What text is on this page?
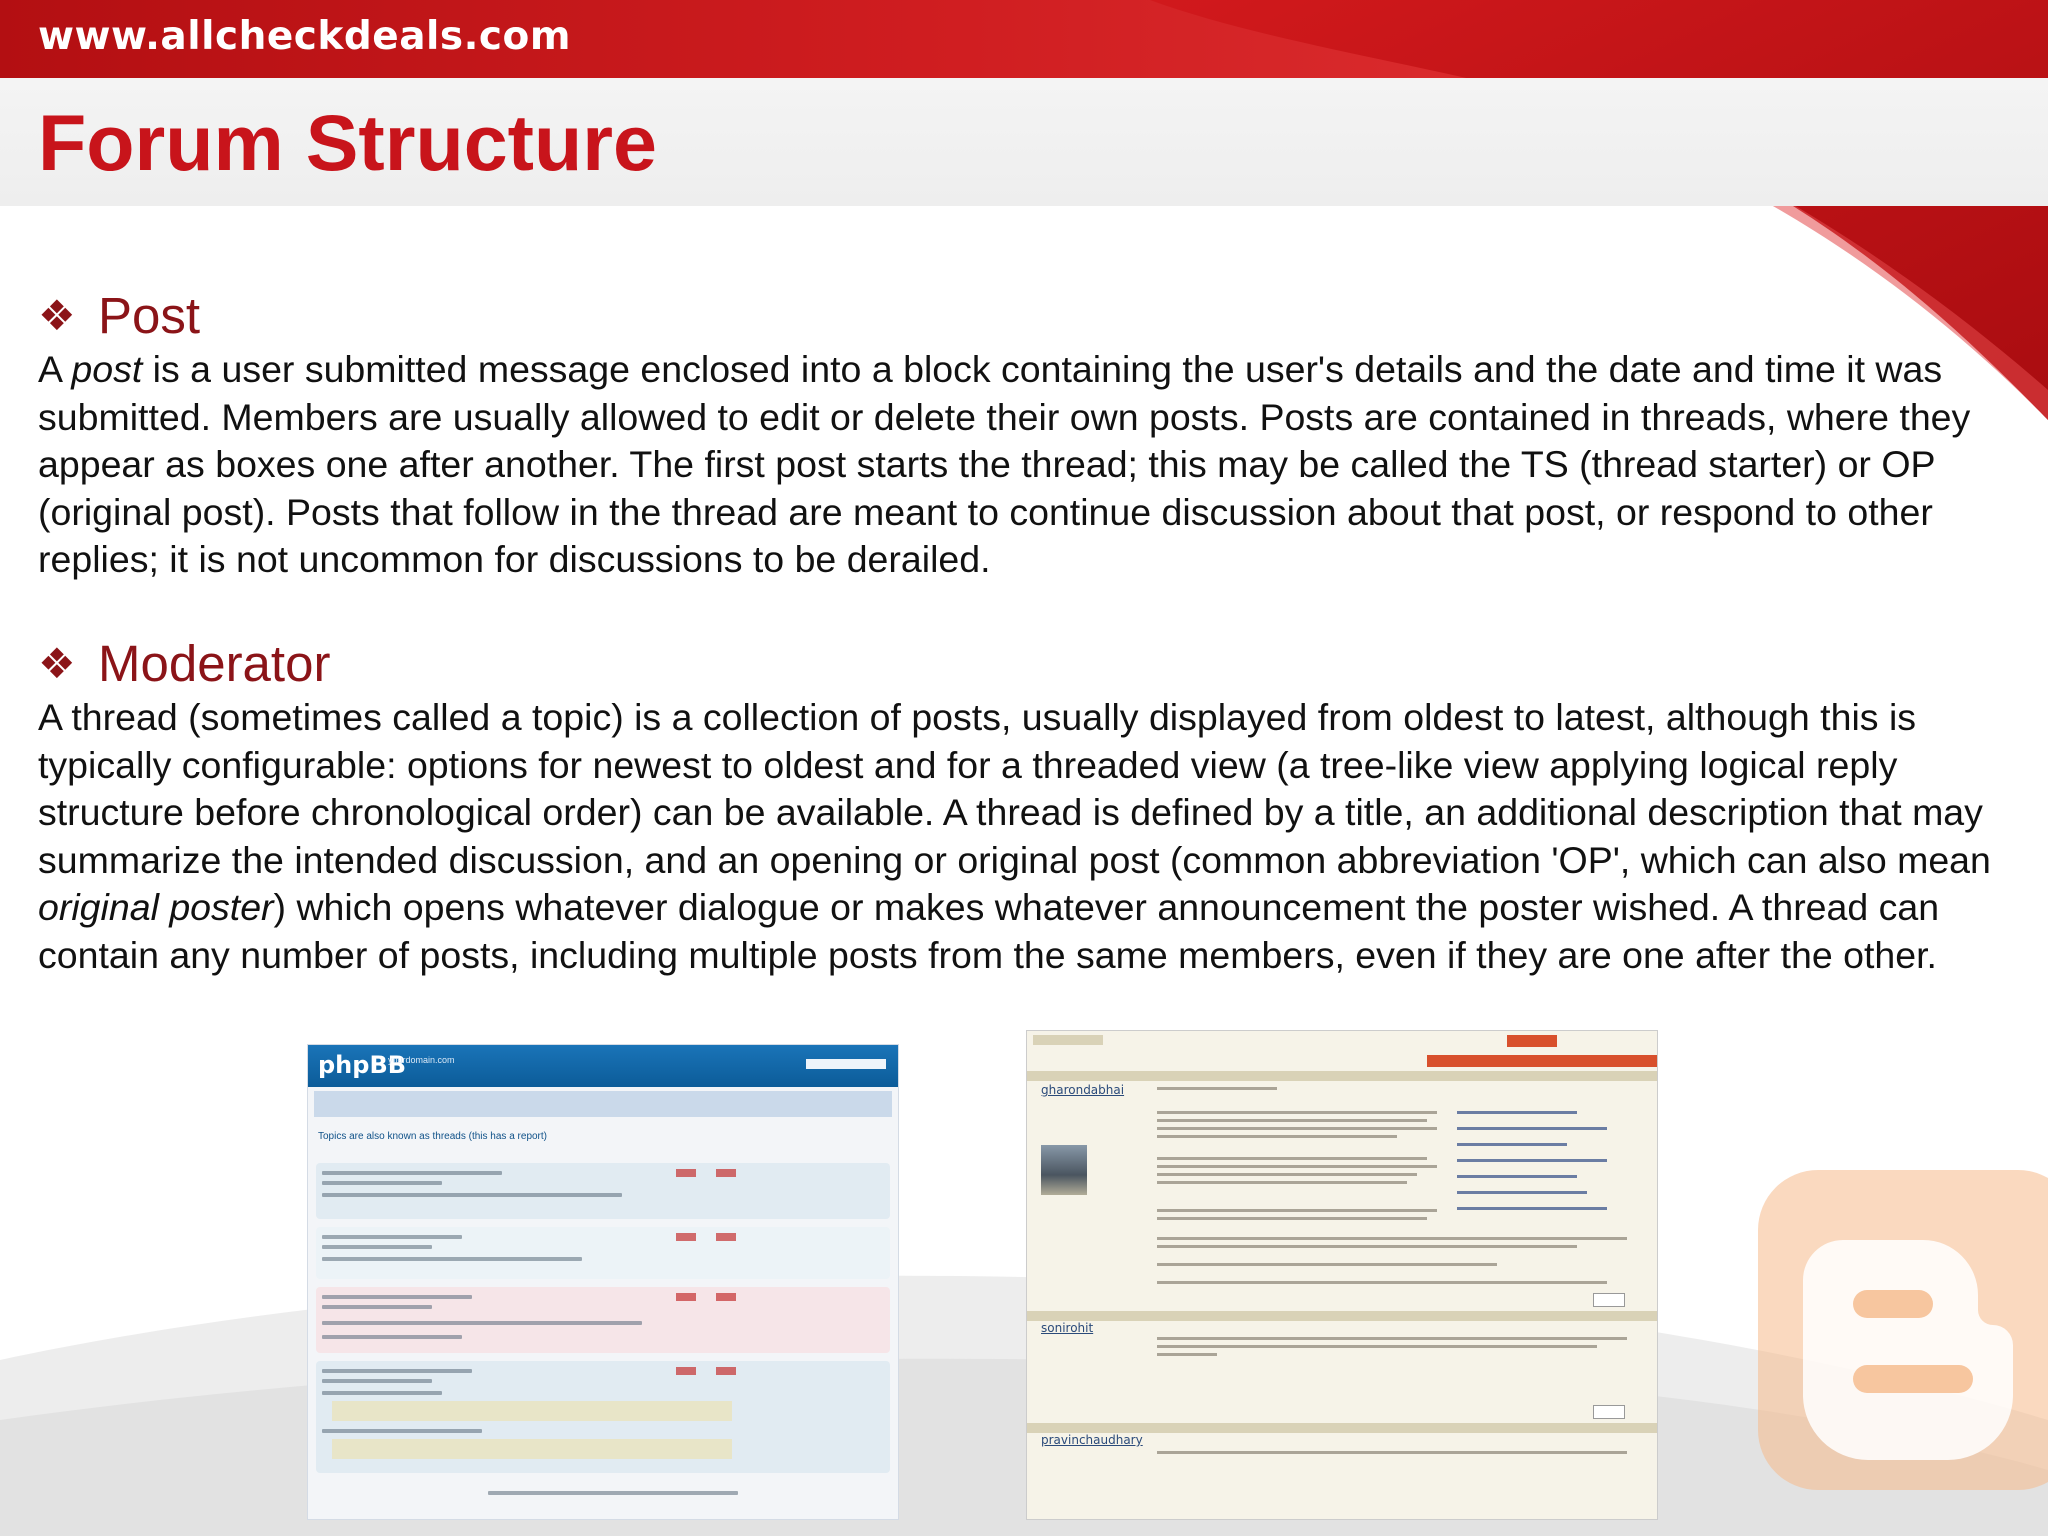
www.allcheckdeals.com
Forum Structure
❖ Post

A post is a user submitted message enclosed into a block containing the user's details and the date and time it was submitted. Members are usually allowed to edit or delete their own posts. Posts are contained in threads, where they appear as boxes one after another. The first post starts the thread; this may be called the TS (thread starter) or OP (original post). Posts that follow in the thread are meant to continue discussion about that post, or respond to other replies; it is not uncommon for discussions to be derailed.

❖ Moderator

A thread (sometimes called a topic) is a collection of posts, usually displayed from oldest to latest, although this is typically configurable: options for newest to oldest and for a threaded view (a tree-like view applying logical reply structure before chronological order) can be available. A thread is defined by a title, an additional description that may summarize the intended discussion, and an opening or original post (common abbreviation 'OP', which can also mean original poster) which opens whatever dialogue or makes whatever announcement the poster wished. A thread can contain any number of posts, including multiple posts from the same members, even if they are one after the other.

phpBB
yourdomain.com
Topics are also known as threads (this has a report)
gharondabhai
sonirohit
pravinchaudhary
